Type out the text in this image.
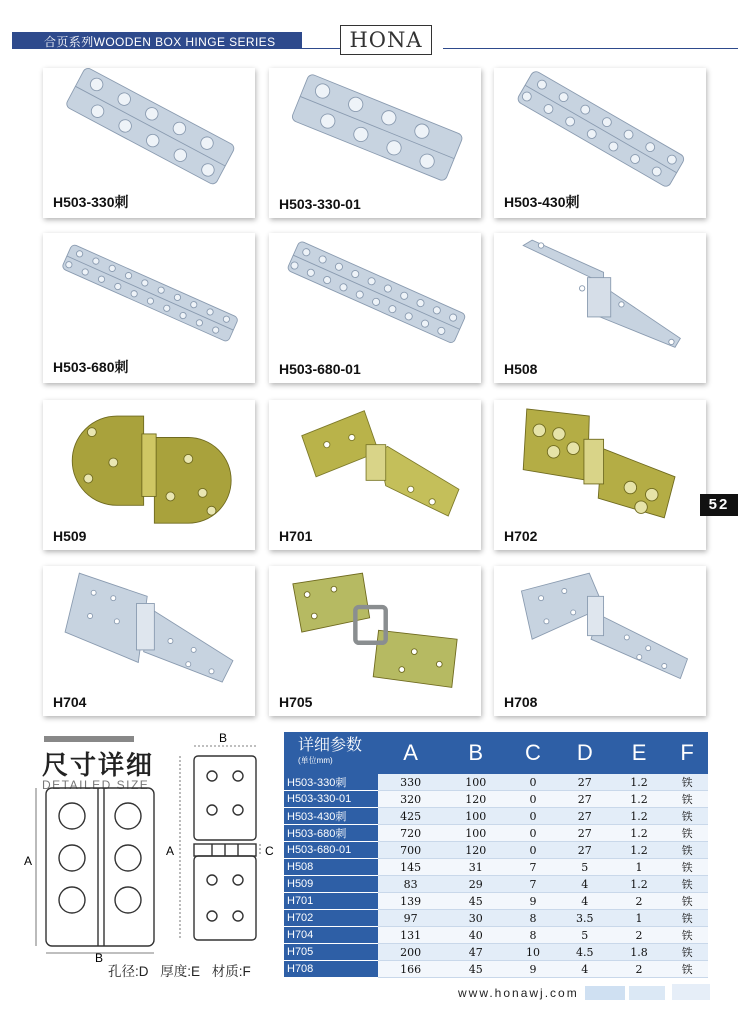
合页系列WOODEN BOX HINGE SERIES	HONA
H503-330刺	H503-330-01	H503-430刺
H503-680刺	H503-680-01	H508
H509	H701	H702
H704	H705	H708
52
尺寸详细
DETAILED SIZE
A
B
B
A	C
孔径:D 厚度:E 材质:F
详细参数
(单位mm)	A	B	C	D	E	F
H503-330刺	330	100	0	27	1.2	铁
H503-330-01	320	120	0	27	1.2	铁
H503-430刺	425	100	0	27	1.2	铁
H503-680刺	720	100	0	27	1.2	铁
H503-680-01	700	120	0	27	1.2	铁
H508	145	31	7	5	1	铁
H509	83	29	7	4	1.2	铁
H701	139	45	9	4	2	铁
H702	97	30	8	3.5	1	铁
H704	131	40	8	5	2	铁
H705	200	47	10	4.5	1.8	铁
H708	166	45	9	4	2	铁
www.honawj.com
